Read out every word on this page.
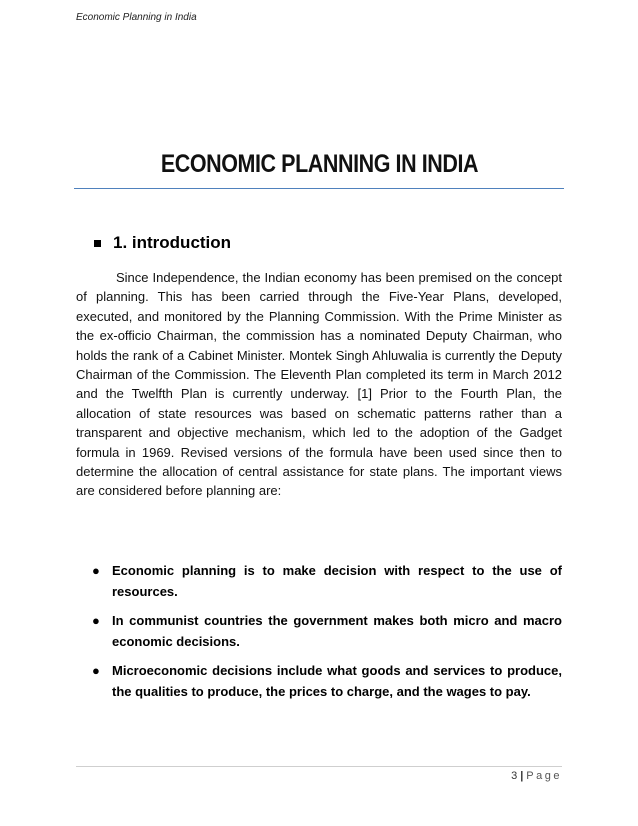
Economic Planning in India
ECONOMIC PLANNING IN INDIA
1. introduction
Since Independence, the Indian economy has been premised on the concept of planning. This has been carried through the Five-Year Plans, developed, executed, and monitored by the Planning Commission. With the Prime Minister as the ex-officio Chairman, the commission has a nominated Deputy Chairman, who holds the rank of a Cabinet Minister. Montek Singh Ahluwalia is currently the Deputy Chairman of the Commission. The Eleventh Plan completed its term in March 2012 and the Twelfth Plan is currently underway. [1] Prior to the Fourth Plan, the allocation of state resources was based on schematic patterns rather than a transparent and objective mechanism, which led to the adoption of the Gadget formula in 1969. Revised versions of the formula have been used since then to determine the allocation of central assistance for state plans. The important views are considered before planning are:
● Economic planning is to make decision with respect to the use of resources.
● In communist countries the government makes both micro and macro economic decisions.
● Microeconomic decisions include what goods and services to produce, the qualities to produce, the prices to charge, and the wages to pay.
3 | Page
